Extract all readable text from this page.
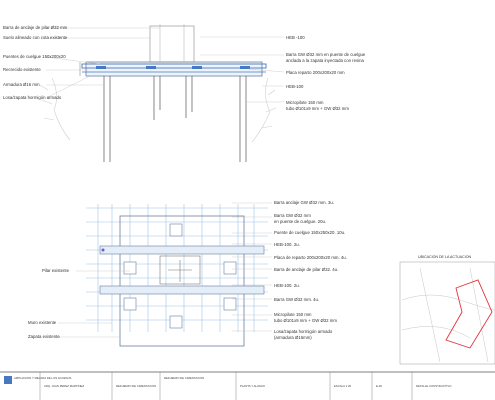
Barra de anclaje de pilar Ø32 mm
Suelo alineado con cota existente
Puentes de cuelgue 150x200x20
Recrecido existente
Armadura Ø16 mm
Losa/zapata hormigón armado
HEB -100
Barra GW Ø32 mm en puente de cuelgue
anclada a la zapata inyectada con resina
Placa reparto 200x200x20 mm
HEB-100
Micropilote 150 mm
tubo Ø101x9 mm + GW Ø32 mm
Barra anclaje GW Ø32 mm. 3u.
Barra GW Ø32 mm
en puente de cuelgue. 20u.
Puente de cuelgue 150x250x20. 10u.
HEB-100. 2u.
Placa de reparto 200x200x20 mm. 4u.
Barra de anclaje de pilar Ø32. 4u.
HEB-100. 2u.
Barra GW Ø32 mm. 4u.
Micropilote 150 mm
tubo Ø101x9 mm + GW Ø32 mm
Losa/zapata hormigón armado
(armadura Ø16mm)
Pilar existente
Muro existente
Zapata existente
UBICACION DE LA ACTUACION
AMPLIACION Y MEJORA DE LOS ACCESOS
ARQ. JUAN PEREZ MARTINEZ	REFUERZO DE CIMENTACION
REFUERZO DE CIMENTACION
PLANTA Y ALZADO	ESCALA 1:20	E-06	DETALLE CONSTRUCTIVO
